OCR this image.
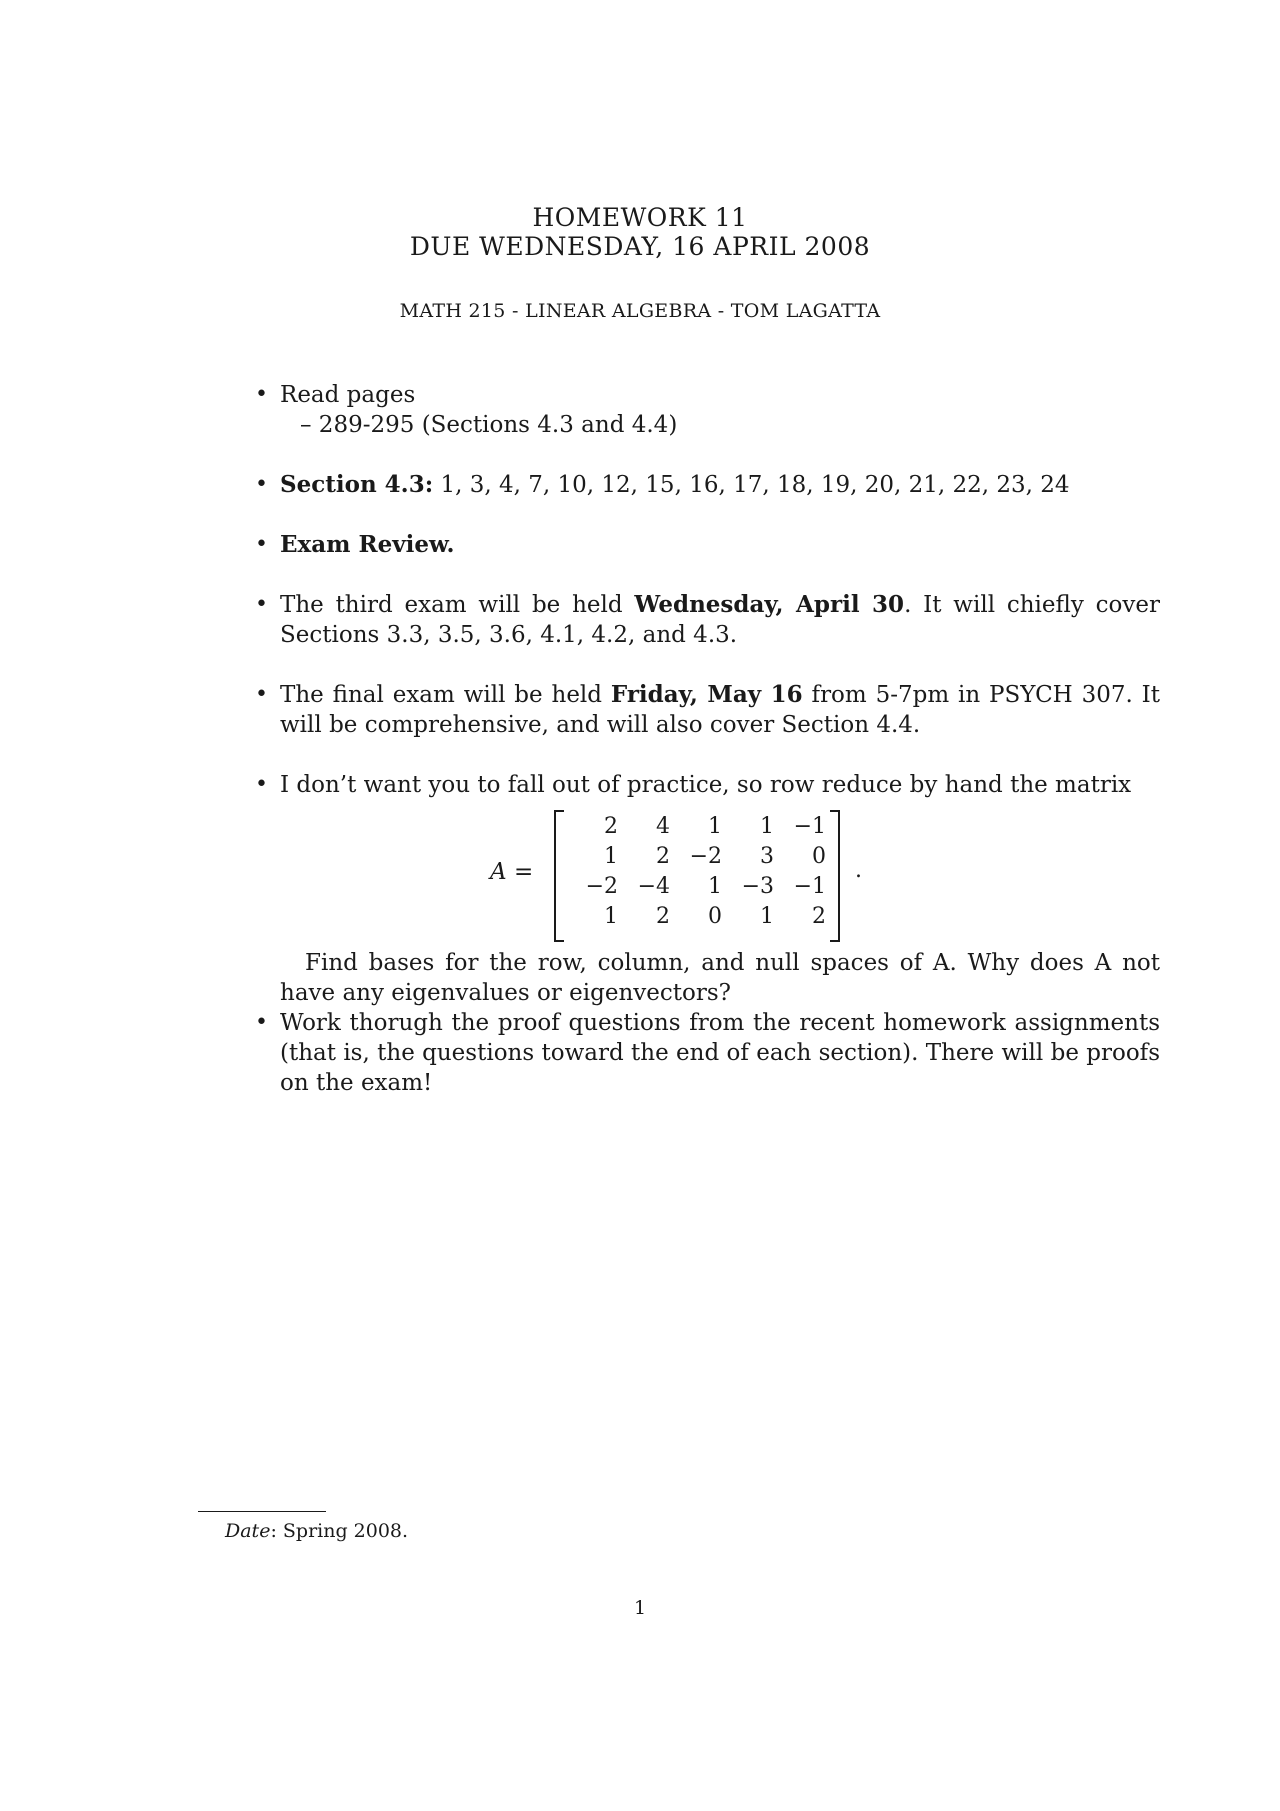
HOMEWORK 11
DUE WEDNESDAY, 16 APRIL 2008
MATH 215 - LINEAR ALGEBRA - TOM LAGATTA
• Read pages
– 289-295 (Sections 4.3 and 4.4)
• Section 4.3: 1, 3, 4, 7, 10, 12, 15, 16, 17, 18, 19, 20, 21, 22, 23, 24
• Exam Review.
• The third exam will be held Wednesday, April 30. It will chiefly cover Sections 3.3, 3.5, 3.6, 4.1, 4.2, and 4.3.
• The final exam will be held Friday, May 16 from 5-7pm in PSYCH 307. It will be comprehensive, and will also cover Section 4.4.
• I don’t want you to fall out of practice, so row reduce by hand the matrix
A =
2	4	1	1 −1
1	2 −2	3	0
−2 −4	1 −3 −1
1	2	0	1	2
.
Find bases for the row, column, and null spaces of A. Why does A not have any eigenvalues or eigenvectors?
• Work thorugh the proof questions from the recent homework assignments (that is, the questions toward the end of each section). There will be proofs on the exam!
Date: Spring 2008.
1
